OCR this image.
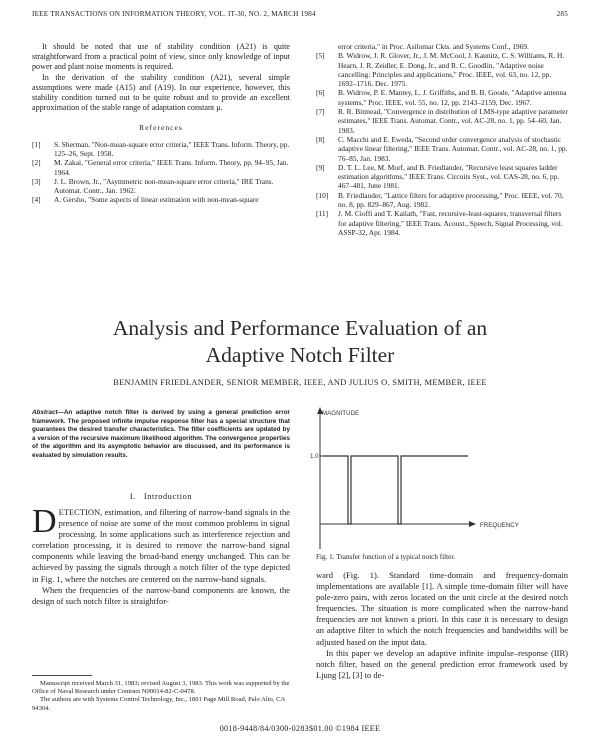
IEEE TRANSACTIONS ON INFORMATION THEORY, VOL. IT-30, NO. 2, MARCH 1984	285

It should be noted that use of stability condition (A21) is quite straightforward from a practical point of view, since only knowledge of input power and plant noise moments is required.

In the derivation of the stability condition (A21), several simple assumptions were made (A15) and (A19). In our experience, however, this stability condition turned out to be quite robust and to provide an excellent approximation of the stable range of adaptation constant μ.

References
[1]	S. Sherman, "Non-mean-square error criteria," IEEE Trans. Inform. Theory, pp. 125–26, Sept. 1958.
[2]	M. Zakai, "General error criteria," IEEE Trans. Inform. Theory, pp. 94–95, Jan. 1964.
[3]	J. L. Brown, Jr., "Asymmetric non-mean-square error criteria," IRE Trans. Automat. Contr., Jan. 1962.
[4]	A. Gersho, "Some aspects of linear estimation with non-mean-square
error criteria," in Proc. Asilomar Ckts. and Systems Conf., 1969.
[5]	B. Widrow, J. R. Glover, Jr., J. M. McCool, J. Kaunitz, C. S. Williams, R. H. Hearn, J. R. Zeidler, E. Dong, Jr., and R. C. Goodlin, "Adaptive noise cancelling: Principles and applications," Proc. IEEE, vol. 63, no. 12, pp. 1692–1716, Dec. 1975.
[6]	B. Widrow, P. E. Mantey, L. J. Griffiths, and B. B. Goode, "Adaptive antenna systems," Proc. IEEE, vol. 55, no. 12, pp. 2143–2159, Dec. 1967.
[7]	R. R. Bitmead, "Convergence in distribution of LMS-type adaptive parameter estimates," IEEE Trans. Automat. Contr., vol. AC-28, no. 1, pp. 54–60, Jan. 1983.
[8]	C. Macchi and E. Eweda, "Second order convergence analysis of stochastic adaptive linear filtering," IEEE Trans. Automat. Contr., vol. AC-28, no. 1, pp. 76–85, Jan. 1983.
[9]	D. T. L. Lee, M. Morf, and B. Friedlander, "Recursive least squares ladder estimation algorithms," IEEE Trans. Circuits Syst., vol. CAS-28, no. 6, pp. 467–481, June 1981.
[10]	B. Friedlander, "Lattice filters for adaptive processing," Proc. IEEE, vol. 70, no. 8, pp. 829–867, Aug. 1982.
[11]	J. M. Cioffi and T. Kailath, "Fast, recursive-least-squares, transversal filters for adaptive filtering," IEEE Trans. Acoust., Speech, Signal Processing, vol. ASSP-32, Apr. 1984.
Analysis and Performance Evaluation of an
Adaptive Notch Filter
BENJAMIN FRIEDLANDER, SENIOR MEMBER, IEEE, AND JULIUS O. SMITH, MEMBER, IEEE
Abstract—An adaptive notch filter is derived by using a general prediction error framework. The proposed infinite impulse response filter has a special structure that guarantees the desired transfer characteristics. The filter coefficients are updated by a version of the recursive maximum likelihood algorithm. The convergence properties of the algorithm and its asymptotic behavior are discussed, and its performance is evaluated by simulation results.
I. Introduction

DETECTION, estimation, and filtering of narrow-band signals in the presence of noise are some of the most common problems in signal processing. In some applications such as interference rejection and correlation processing, it is desired to remove the narrow-band signal components while leaving the broad-band energy unchanged. This can be achieved by passing the signals through a notch filter of the type depicted in Fig. 1, where the notches are centered on the narrow-band signals.

When the frequencies of the narrow-band components are known, the design of such notch filter is straightfor-

Manuscript received March 31, 1983; revised August 3, 1983. This work was supported by the Office of Naval Research under Contract N00014-82-C-0478.

The authors are with Systems Control Technology, Inc., 1801 Page Mill Road, Palo Alto, CA 94304.

MAGNITUDE
1.0
FREQUENCY
Fig. 1. Transfer function of a typical notch filter.

ward (Fig. 1). Standard time-domain and frequency-domain implementations are available [1]. A simple time-domain filter will have pole-zero pairs, with zeros located on the unit circle at the desired notch frequencies. The situation is more complicated when the narrow-band frequencies are not known a priori. In this case it is necessary to design an adaptive filter in which the notch frequencies and bandwidths will be adjusted based on the input data.

In this paper we develop an adaptive infinite impulse–response (IIR) notch filter, based on the general prediction error framework used by Ljung [2], [3] to de-

0018-9448/84/0300-0283$01.00 ©1984 IEEE
